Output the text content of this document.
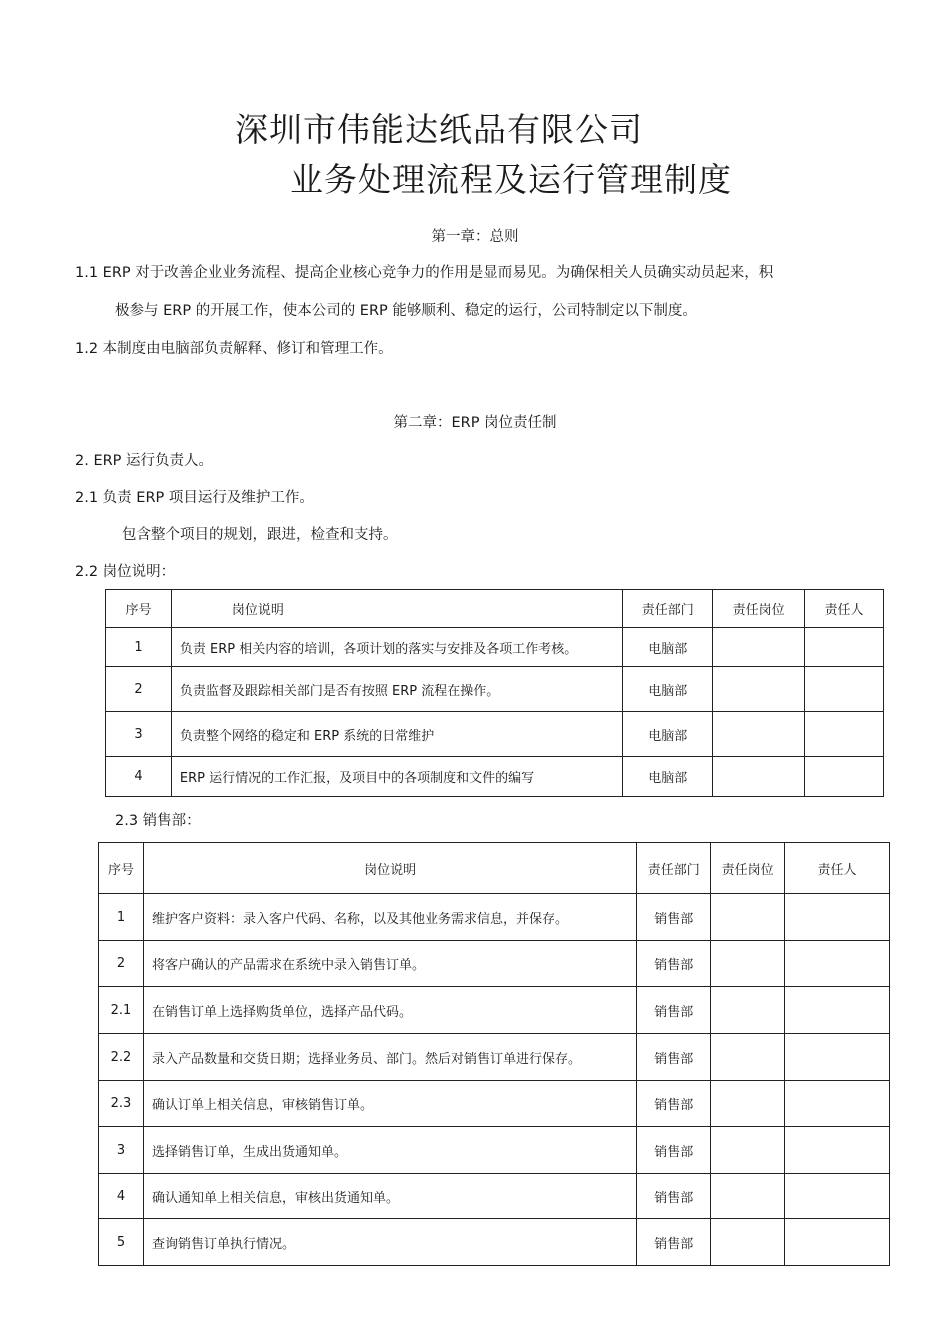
深圳市伟能达纸品有限公司
业务处理流程及运行管理制度
第一章：总则
1.1 ERP 对于改善企业业务流程、提高企业核心竞争力的作用是显而易见。为确保相关人员确实动员起来，积
极参与 ERP 的开展工作，使本公司的 ERP 能够顺利、稳定的运行，公司特制定以下制度。
1.2 本制度由电脑部负责解释、修订和管理工作。
第二章：ERP 岗位责任制
2. ERP 运行负责人。
2.1 负责 ERP 项目运行及维护工作。
包含整个项目的规划，跟进，检查和支持。
2.2 岗位说明：
序号	岗位说明	责任部门	责任岗位	责任人
1	负责 ERP 相关内容的培训，各项计划的落实与安排及各项工作考核。	电脑部		
2	负责监督及跟踪相关部门是否有按照 ERP 流程在操作。	电脑部		
3	负责整个网络的稳定和 ERP 系统的日常维护	电脑部		
4	ERP 运行情况的工作汇报，及项目中的各项制度和文件的编写	电脑部		
2.3 销售部：
序号	岗位说明	责任部门	责任岗位	责任人
1	维护客户资料：录入客户代码、名称，以及其他业务需求信息，并保存。	销售部		
2	将客户确认的产品需求在系统中录入销售订单。	销售部		
2.1	在销售订单上选择购货单位，选择产品代码。	销售部		
2.2	录入产品数量和交货日期；选择业务员、部门。然后对销售订单进行保存。	销售部		
2.3	确认订单上相关信息，审核销售订单。	销售部		
3	选择销售订单，生成出货通知单。	销售部		
4	确认通知单上相关信息，审核出货通知单。	销售部		
5	查询销售订单执行情况。	销售部		
